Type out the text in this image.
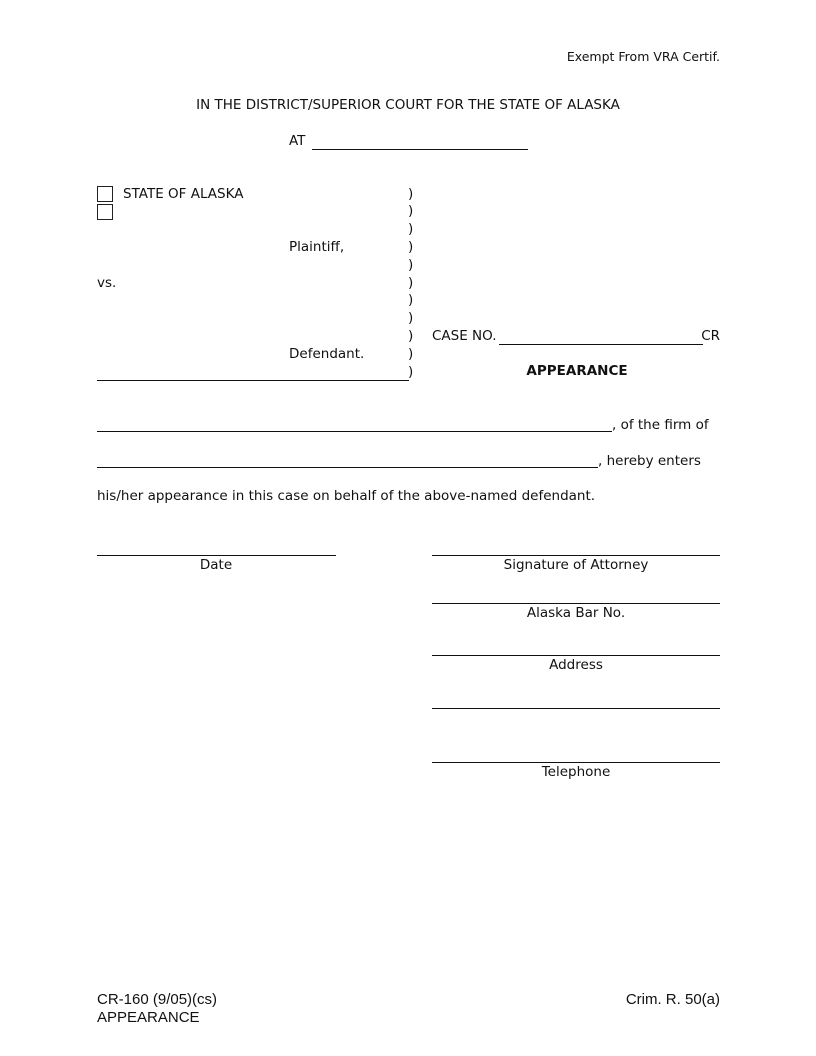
Exempt From VRA Certif.
IN THE DISTRICT/SUPERIOR COURT FOR THE STATE OF ALASKA
AT
STATE OF ALASKA
Plaintiff,
vs.
Defendant.
)
)
)
)
)
)
)
)
)
)
)
CASE NO.	CR
APPEARANCE
, of the firm of
, hereby enters
his/her appearance in this case on behalf of the above-named defendant.
Date	Signature of Attorney
Alaska Bar No.
Address
Telephone
CR-160 (9/05)(cs)
APPEARANCE
Crim. R. 50(a)
